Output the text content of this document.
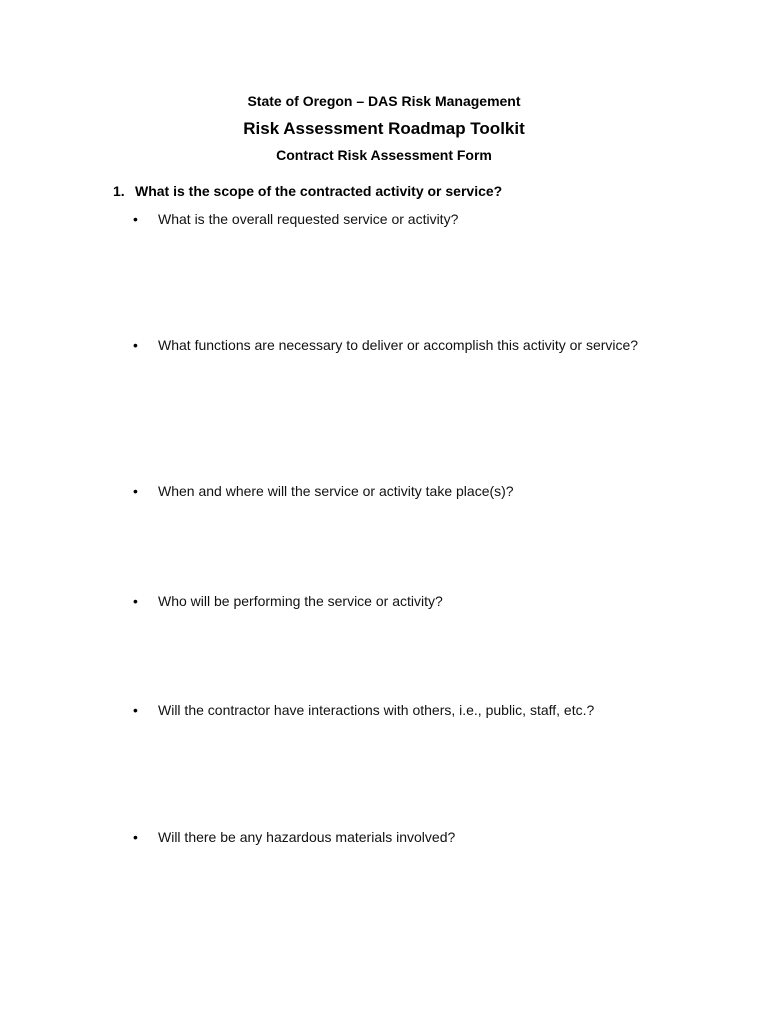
State of Oregon – DAS Risk Management
Risk Assessment Roadmap Toolkit
Contract Risk Assessment Form
1. What is the scope of the contracted activity or service?
• What is the overall requested service or activity?
• What functions are necessary to deliver or accomplish this activity or service?
• When and where will the service or activity take place(s)?
• Who will be performing the service or activity?
• Will the contractor have interactions with others, i.e., public, staff, etc.?
• Will there be any hazardous materials involved?
